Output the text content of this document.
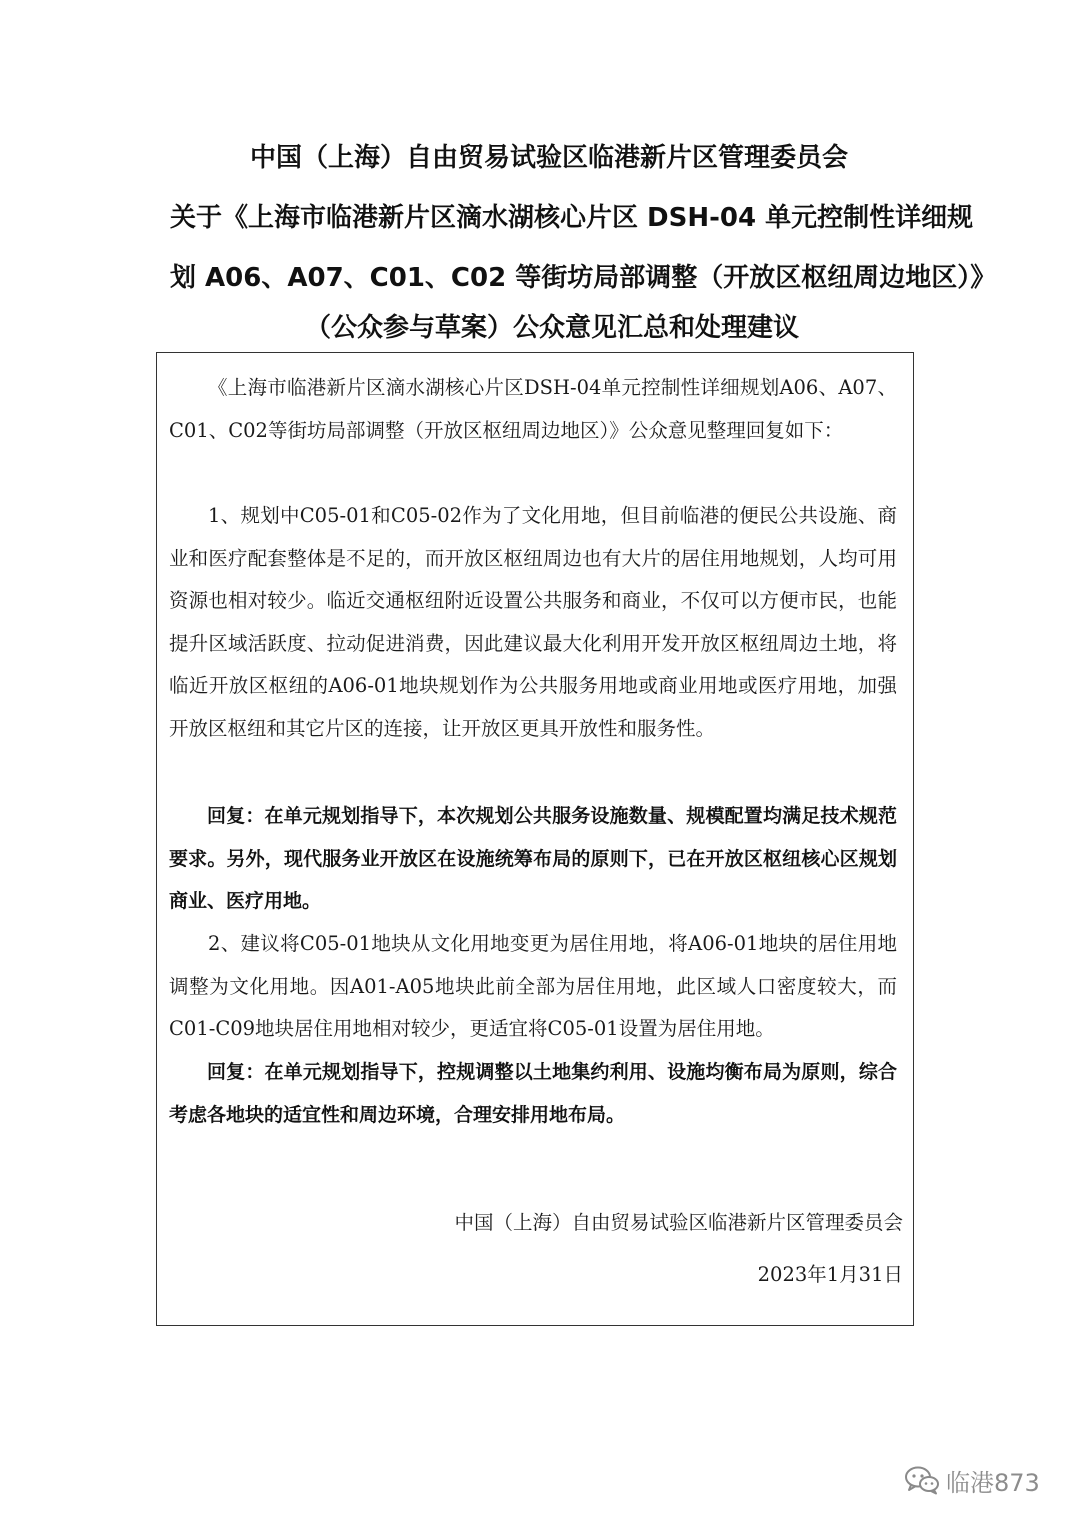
中国（上海）自由贸易试验区临港新片区管理委员会
关于《上海市临港新片区滴水湖核心片区 DSH-04 单元控制性详细规
划 A06、A07、C01、C02 等街坊局部调整（开放区枢纽周边地区）》
（公众参与草案）公众意见汇总和处理建议

《上海市临港新片区滴水湖核心片区DSH-04单元控制性详细规划A06、A07、C01、C02等街坊局部调整（开放区枢纽周边地区）》公众意见整理回复如下：

1、规划中C05-01和C05-02作为了文化用地，但目前临港的便民公共设施、商业和医疗配套整体是不足的，而开放区枢纽周边也有大片的居住用地规划，人均可用资源也相对较少。临近交通枢纽附近设置公共服务和商业，不仅可以方便市民，也能提升区域活跃度、拉动促进消费，因此建议最大化利用开发开放区枢纽周边土地，将临近开放区枢纽的A06-01地块规划作为公共服务用地或商业用地或医疗用地，加强开放区枢纽和其它片区的连接，让开放区更具开放性和服务性。

回复：在单元规划指导下，本次规划公共服务设施数量、规模配置均满足技术规范要求。另外，现代服务业开放区在设施统筹布局的原则下，已在开放区枢纽核心区规划商业、医疗用地。

2、建议将C05-01地块从文化用地变更为居住用地，将A06-01地块的居住用地调整为文化用地。因A01-A05地块此前全部为居住用地，此区域人口密度较大，而C01-C09地块居住用地相对较少，更适宜将C05-01设置为居住用地。

回复：在单元规划指导下，控规调整以土地集约利用、设施均衡布局为原则，综合考虑各地块的适宜性和周边环境，合理安排用地布局。

中国（上海）自由贸易试验区临港新片区管理委员会
2023年1月31日
临港873
